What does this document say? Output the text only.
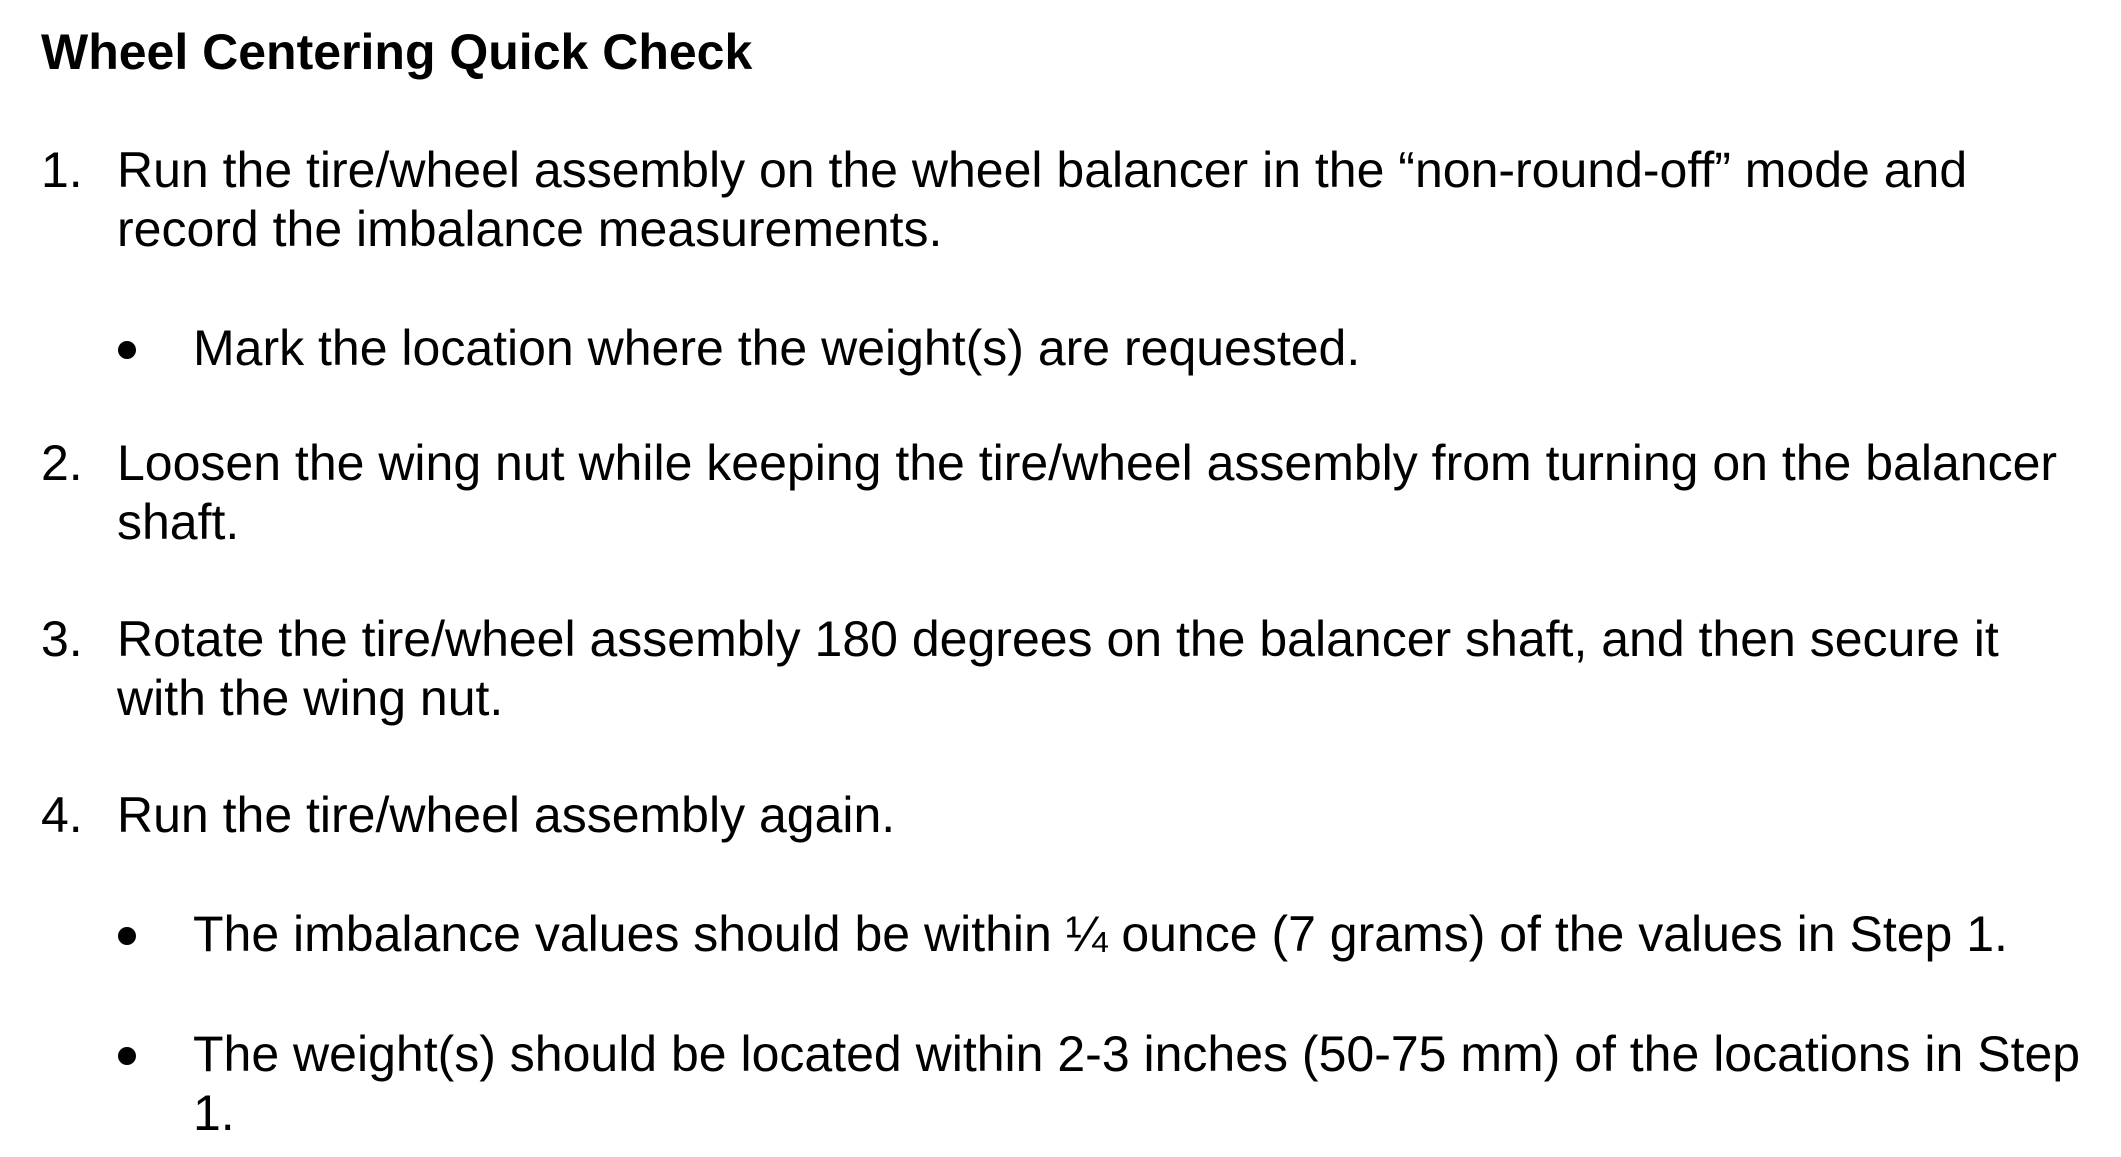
Wheel Centering Quick Check
1. Run the tire/wheel assembly on the wheel balancer in the “non-round-off” mode and record the imbalance measurements.
Mark the location where the weight(s) are requested.
2. Loosen the wing nut while keeping the tire/wheel assembly from turning on the balancer shaft.
3. Rotate the tire/wheel assembly 180 degrees on the balancer shaft, and then secure it with the wing nut.
4. Run the tire/wheel assembly again.
The imbalance values should be within ¼ ounce (7 grams) of the values in Step 1.
The weight(s) should be located within 2-3 inches (50-75 mm) of the locations in Step 1.
